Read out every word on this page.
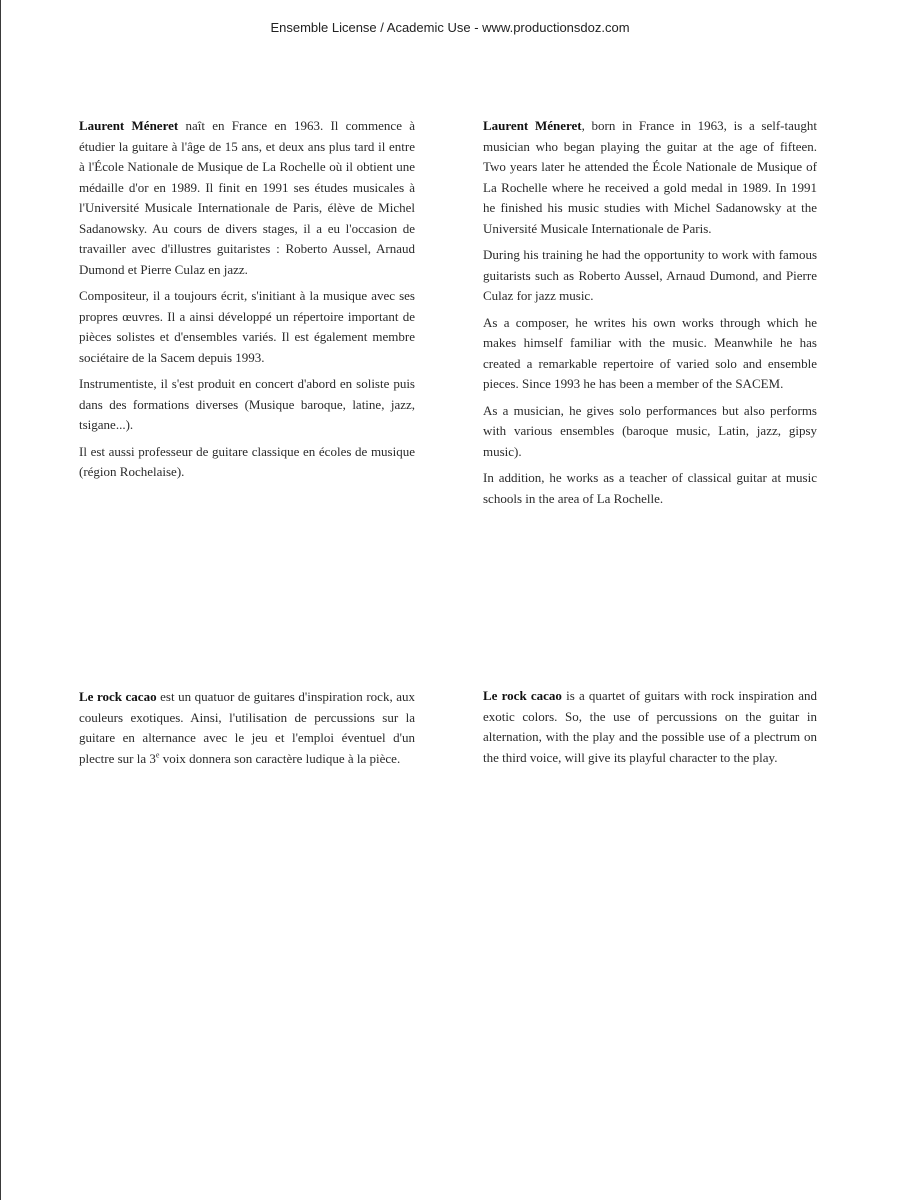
Ensemble License / Academic Use - www.productionsdoz.com

Laurent Méneret naît en France en 1963. Il commence à étudier la guitare à l'âge de 15 ans, et deux ans plus tard il entre à l'École Nationale de Musique de La Rochelle où il obtient une médaille d'or en 1989. Il finit en 1991 ses études musicales à l'Université Musicale Internationale de Paris, élève de Michel Sadanowsky. Au cours de divers stages, il a eu l'occasion de travailler avec d'illustres guitaristes : Roberto Aussel, Arnaud Dumond et Pierre Culaz en jazz.

Compositeur, il a toujours écrit, s'initiant à la musique avec ses propres œuvres. Il a ainsi développé un répertoire important de pièces solistes et d'ensembles variés. Il est également membre sociétaire de la Sacem depuis 1993.

Instrumentiste, il s'est produit en concert d'abord en soliste puis dans des formations diverses (Musique baroque, latine, jazz, tsigane...).

Il est aussi professeur de guitare classique en écoles de musique (région Rochelaise).

Laurent Méneret, born in France in 1963, is a self-taught musician who began playing the guitar at the age of fifteen. Two years later he attended the École Nationale de Musique of La Rochelle where he received a gold medal in 1989. In 1991 he finished his music studies with Michel Sadanowsky at the Université Musicale Internationale de Paris.

During his training he had the opportunity to work with famous guitarists such as Roberto Aussel, Arnaud Dumond, and Pierre Culaz for jazz music.

As a composer, he writes his own works through which he makes himself familiar with the music. Meanwhile he has created a remarkable repertoire of varied solo and ensemble pieces. Since 1993 he has been a member of the SACEM.

As a musician, he gives solo performances but also performs with various ensembles (baroque music, Latin, jazz, gipsy music).

In addition, he works as a teacher of classical guitar at music schools in the area of La Rochelle.

Le rock cacao est un quatuor de guitares d'inspiration rock, aux couleurs exotiques. Ainsi, l'utilisation de percussions sur la guitare en alternance avec le jeu et l'emploi éventuel d'un plectre sur la 3e voix donnera son caractère ludique à la pièce.

Le rock cacao is a quartet of guitars with rock inspiration and exotic colors. So, the use of percussions on the guitar in alternation, with the play and the possible use of a plectrum on the third voice, will give its playful character to the play.
